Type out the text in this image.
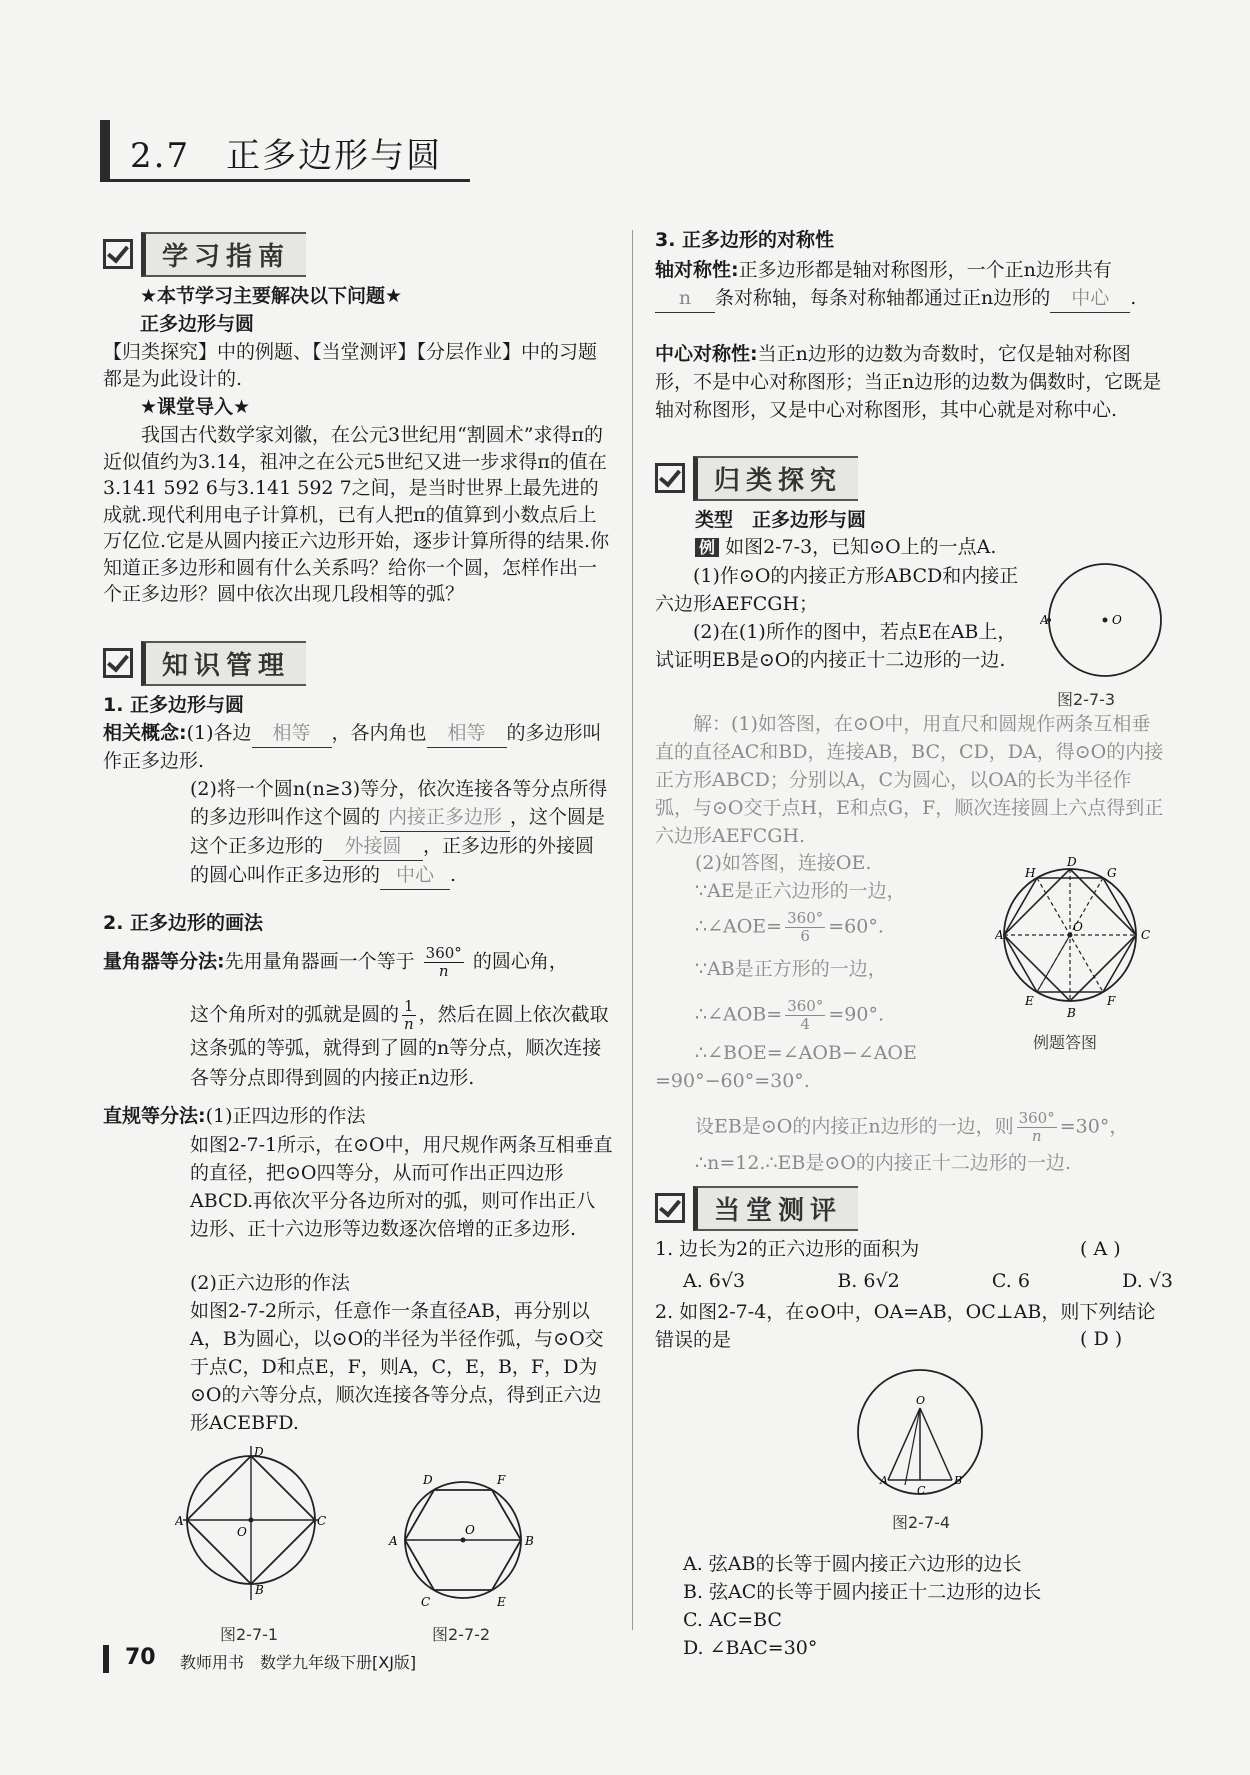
2.7　正多边形与圆
学习指南
★本节学习主要解决以下问题★
正多边形与圆
【归类探究】中的例题、【当堂测评】【分层作业】中的习题都是为此设计的.
★课堂导入★
我国古代数学家刘徽，在公元3世纪用“割圆术”求得π的近似值约为3.14，祖冲之在公元5世纪又进一步求得π的值在3.141 592 6与3.141 592 7之间，是当时世界上最先进的成就.现代利用电子计算机，已有人把π的值算到小数点后上万亿位.它是从圆内接正六边形开始，逐步计算所得的结果.你知道正多边形和圆有什么关系吗？给你一个圆，怎样作出一个正多边形？圆中依次出现几段相等的弧？
知识管理
1. 正多边形与圆
相关概念:(1)各边 相等 ，各内角也 相等 的多边形叫作正多边形.
(2)将一个圆n(n≥3)等分，依次连接各等分点所得的多边形叫作这个圆的 内接正多边形 ，这个圆是这个正多边形的 外接圆 ，正多边形的外接圆的圆心叫作正多边形的 中心 .
2. 正多边形的画法
量角器等分法:先用量角器画一个等于 $\frac{360^\circ}{n}$ 的圆心角，
这个角所对的弧就是圆的 $\frac{1}{n}$ ，然后在圆上依次截取这条弧的等弧，就得到了圆的n等分点，顺次连接各等分点即得到圆的内接正n边形.
直规等分法:(1)正四边形的作法
如图2-7-1所示，在⊙O中，用尺规作两条互相垂直的直径，把⊙O四等分，从而可作出正四边形ABCD.再依次平分各边所对的弧，则可作出正八边形、正十六边形等边数逐次倍增的正多边形.
(2)正六边形的作法
如图2-7-2所示，任意作一条直径AB，再分别以A，B为圆心，以⊙O的半径为半径作弧，与⊙O交于点C，D和点E，F，则A，C，E，B，F，D为⊙O的六等分点，顺次连接各等分点，得到正六边形ACEBFD.
D
A
O
C
B
图2-7-1
D	F
A
O
B
C	E
图2-7-2
3. 正多边形的对称性
轴对称性:正多边形都是轴对称图形，一个正n边形共有n 条对称轴，每条对称轴都通过正n边形的 中心 .
中心对称性:当正n边形的边数为奇数时，它仅是轴对称图形，不是中心对称图形；当正n边形的边数为偶数时，它既是轴对称图形，又是中心对称图形，其中心就是对称中心.
归类探究
类型　正多边形与圆
例 如图2-7-3，已知⊙O上的一点A.
(1)作⊙O的内接正方形ABCD和内接正六边形AEFCGH；
(2)在(1)所作的图中，若点E在AB上，试证明EB是⊙O的内接正十二边形的一边.
A	O
图2-7-3
解：(1)如答图，在⊙O中，用直尺和圆规作两条互相垂直的直径AC和BD，连接AB，BC，CD，DA，得⊙O的内接正方形ABCD；分别以A，C为圆心，以OA的长为半径作弧，与⊙O交于点H，E和点G，F，顺次连接圆上六点得到正六边形AEFCGH.
(2)如答图，连接OE.
∵AE是正六边形的一边，
∴∠AOE= $\frac{360^\circ}{6} =60^\circ$.
∵AB是正方形的一边，
∴∠AOB= $\frac{360^\circ}{4} =90^\circ$.
∴∠BOE=∠AOB−∠AOE
=90°−60°=30°.
设EB是⊙O的内接正n边形的一边，则 $\frac{360^\circ}{n} =30^\circ$，
∴n=12.∴EB是⊙O的内接正十二边形的一边.
D
H	G
A
O
C
E	F
B
例题答图
当堂测评
1. 边长为2的正六边形的面积为	( A )
A. 6√3	B. 6√2	C. 6	D. √3
2. 如图2-7-4，在⊙O中，OA=AB，OC⊥AB，则下列结论错误的是	( D )
O
A
C
B
图2-7-4
A. 弦AB的长等于圆内接正六边形的边长
B. 弦AC的长等于圆内接正十二边形的边长
C. AC=BC
D. ∠BAC=30°
70 教师用书　数学九年级下册[XJ版]
